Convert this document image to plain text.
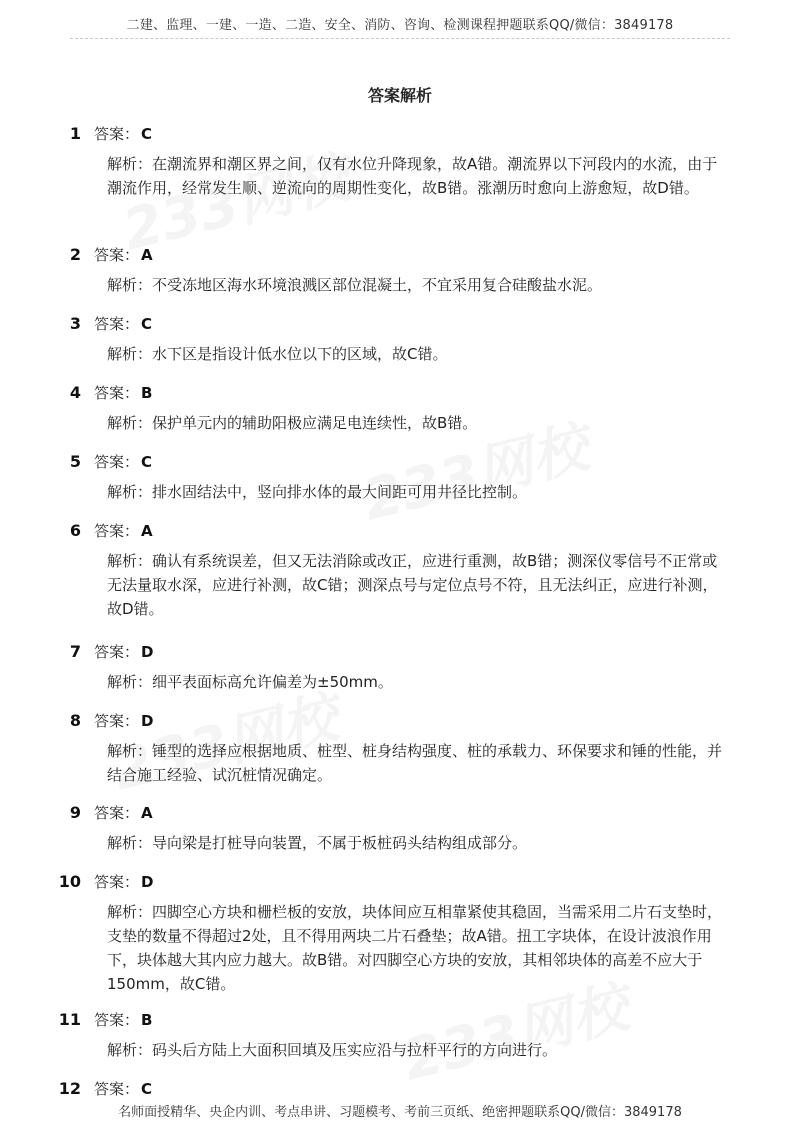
二建、监理、一建、一造、二造、安全、消防、咨询、检测课程押题联系QQ/微信：3849178
答案解析
1 答案： C
解析：在潮流界和潮区界之间，仅有水位升降现象，故A错。潮流界以下河段内的水流，由于潮流作用，经常发生顺、逆流向的周期性变化，故B错。涨潮历时愈向上游愈短，故D错。
2 答案： A
解析：不受冻地区海水环境浪溅区部位混凝土，不宜采用复合硅酸盐水泥。
3 答案： C
解析：水下区是指设计低水位以下的区域，故C错。
4 答案： B
解析：保护单元内的辅助阳极应满足电连续性，故B错。
5 答案： C
解析：排水固结法中，竖向排水体的最大间距可用井径比控制。
6 答案： A
解析：确认有系统误差，但又无法消除或改正，应进行重测，故B错；测深仪零信号不正常或无法量取水深，应进行补测，故C错；测深点号与定位点号不符，且无法纠正，应进行补测，故D错。
7 答案： D
解析：细平表面标高允许偏差为±50mm。
8 答案： D
解析：锤型的选择应根据地质、桩型、桩身结构强度、桩的承载力、环保要求和锤的性能，并结合施工经验、试沉桩情况确定。
9 答案： A
解析：导向梁是打桩导向装置，不属于板桩码头结构组成部分。
10 答案： D
解析：四脚空心方块和栅栏板的安放，块体间应互相靠紧使其稳固，当需采用二片石支垫时，支垫的数量不得超过2处，且不得用两块二片石叠垫；故A错。扭工字块体，在设计波浪作用下，块体越大其内应力越大。故B错。对四脚空心方块的安放，其相邻块体的高差不应大于150mm，故C错。
11 答案： B
解析：码头后方陆上大面积回填及压实应沿与拉杆平行的方向进行。
12 答案： C
名师面授精华、央企内训、考点串讲、习题模考、考前三页纸、绝密押题联系QQ/微信：3849178
